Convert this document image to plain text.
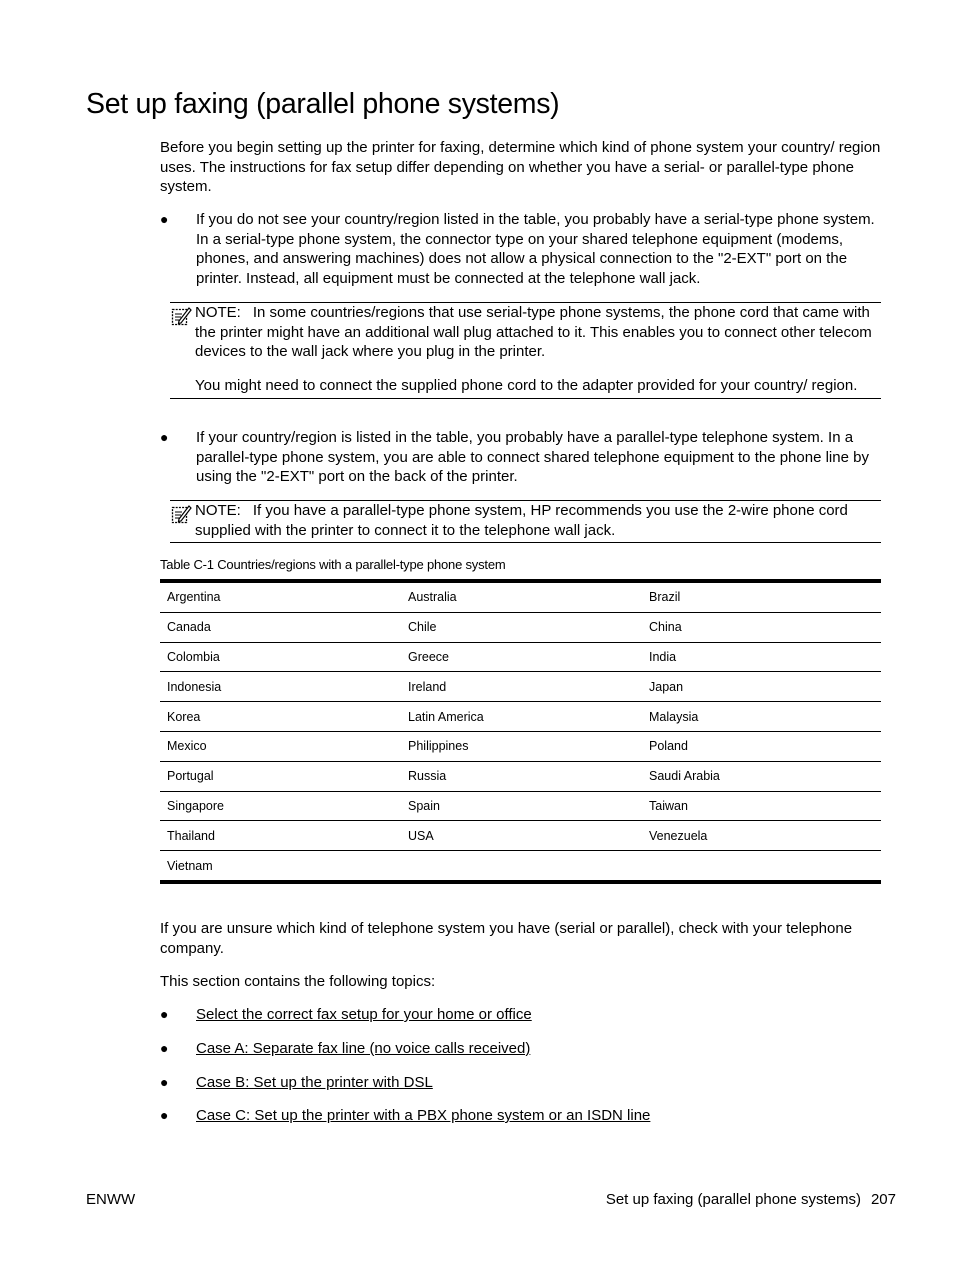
Set up faxing (parallel phone systems)

Before you begin setting up the printer for faxing, determine which kind of phone system your country/ region uses. The instructions for fax setup differ depending on whether you have a serial- or parallel-type phone system.

●	If you do not see your country/region listed in the table, you probably have a serial-type phone system. In a serial-type phone system, the connector type on your shared telephone equipment (modems, phones, and answering machines) does not allow a physical connection to the "2-EXT" port on the printer. Instead, all equipment must be connected at the telephone wall jack.
NOTE: In some countries/regions that use serial-type phone systems, the phone cord that came with the printer might have an additional wall plug attached to it. This enables you to connect other telecom devices to the wall jack where you plug in the printer.
You might need to connect the supplied phone cord to the adapter provided for your country/ region.
●	If your country/region is listed in the table, you probably have a parallel-type telephone system. In a parallel-type phone system, you are able to connect shared telephone equipment to the phone line by using the "2-EXT" port on the back of the printer.
NOTE: If you have a parallel-type phone system, HP recommends you use the 2-wire phone cord supplied with the printer to connect it to the telephone wall jack.
Table C-1 Countries/regions with a parallel-type phone system
Argentina	Australia	Brazil
Canada	Chile	China
Colombia	Greece	India
Indonesia	Ireland	Japan
Korea	Latin America	Malaysia
Mexico	Philippines	Poland
Portugal	Russia	Saudi Arabia
Singapore	Spain	Taiwan
Thailand	USA	Venezuela
Vietnam		

If you are unsure which kind of telephone system you have (serial or parallel), check with your telephone company.

This section contains the following topics:

●	Select the correct fax setup for your home or office
●	Case A: Separate fax line (no voice calls received)
●	Case B: Set up the printer with DSL
●	Case C: Set up the printer with a PBX phone system or an ISDN line
ENWW	Set up faxing (parallel phone systems) 207
